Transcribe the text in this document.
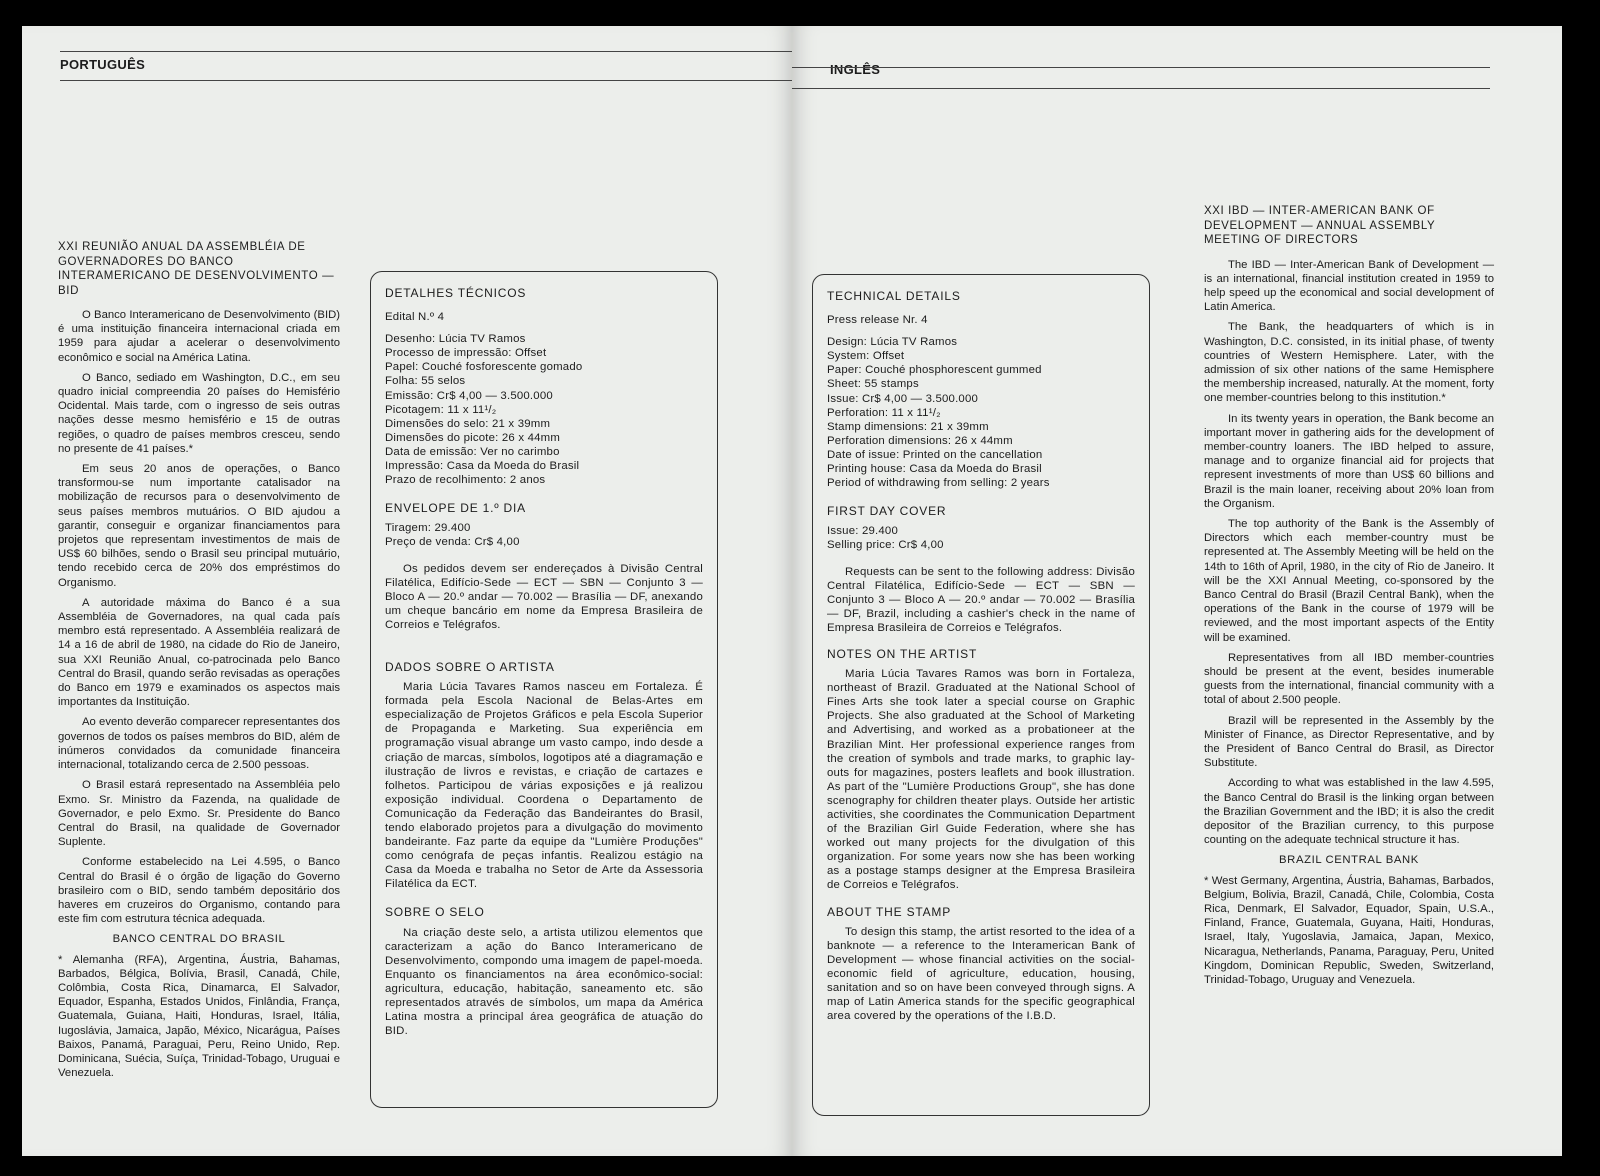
PORTUGUÊS
XXI REUNIÃO ANUAL DA ASSEMBLÉIA DE GOVERNADORES DO BANCO INTERAMERICANO DE DESENVOLVIMENTO — BID

O Banco Interamericano de Desenvolvimento (BID) é uma instituição financeira internacional criada em 1959 para ajudar a acelerar o desenvolvimento econômico e social na América Latina.

O Banco, sediado em Washington, D.C., em seu quadro inicial compreendia 20 países do Hemisfério Ocidental. Mais tarde, com o ingresso de seis outras nações desse mesmo hemisfério e 15 de outras regiões, o quadro de países membros cresceu, sendo no presente de 41 países.*

Em seus 20 anos de operações, o Banco transformou-se num importante catalisador na mobilização de recursos para o desenvolvimento de seus países membros mutuários. O BID ajudou a garantir, conseguir e organizar financiamentos para projetos que representam investimentos de mais de US$ 60 bilhões, sendo o Brasil seu principal mutuário, tendo recebido cerca de 20% dos empréstimos do Organismo.

A autoridade máxima do Banco é a sua Assembléia de Governadores, na qual cada país membro está representado. A Assembléia realizará de 14 a 16 de abril de 1980, na cidade do Rio de Janeiro, sua XXI Reunião Anual, co-patrocinada pelo Banco Central do Brasil, quando serão revisadas as operações do Banco em 1979 e examinados os aspectos mais importantes da Instituição.

Ao evento deverão comparecer representantes dos governos de todos os países membros do BID, além de inúmeros convidados da comunidade financeira internacional, totalizando cerca de 2.500 pessoas.

O Brasil estará representado na Assembléia pelo Exmo. Sr. Ministro da Fazenda, na qualidade de Governador, e pelo Exmo. Sr. Presidente do Banco Central do Brasil, na qualidade de Governador Suplente.

Conforme estabelecido na Lei 4.595, o Banco Central do Brasil é o órgão de ligação do Governo brasileiro com o BID, sendo também depositário dos haveres em cruzeiros do Organismo, contando para este fim com estrutura técnica adequada.

BANCO CENTRAL DO BRASIL

* Alemanha (RFA), Argentina, Áustria, Bahamas, Barbados, Bélgica, Bolívia, Brasil, Canadá, Chile, Colômbia, Costa Rica, Dinamarca, El Salvador, Equador, Espanha, Estados Unidos, Finlândia, França, Guatemala, Guiana, Haiti, Honduras, Israel, Itália, Iugoslávia, Jamaica, Japão, México, Nicarágua, Países Baixos, Panamá, Paraguai, Peru, Reino Unido, Rep. Dominicana, Suécia, Suíça, Trinidad-Tobago, Uruguai e Venezuela.

DETALHES TÉCNICOS
Edital N.º 4
Desenho: Lúcia TV Ramos
Processo de impressão: Offset
Papel: Couché fosforescente gomado
Folha: 55 selos
Emissão: Cr$ 4,00 — 3.500.000
Picotagem: 11 x 11¹/₂
Dimensões do selo: 21 x 39mm
Dimensões do picote: 26 x 44mm
Data de emissão: Ver no carimbo
Impressão: Casa da Moeda do Brasil
Prazo de recolhimento: 2 anos
ENVELOPE DE 1.º DIA
Tiragem: 29.400
Preço de venda: Cr$ 4,00

Os pedidos devem ser endereçados à Divisão Central Filatélica, Edifício-Sede — ECT — SBN — Conjunto 3 — Bloco A — 20.º andar — 70.002 — Brasília — DF, anexando um cheque bancário em nome da Empresa Brasileira de Correios e Telégrafos.

DADOS SOBRE O ARTISTA

Maria Lúcia Tavares Ramos nasceu em Fortaleza. É formada pela Escola Nacional de Belas-Artes em especialização de Projetos Gráficos e pela Escola Superior de Propaganda e Marketing. Sua experiência em programação visual abrange um vasto campo, indo desde a criação de marcas, símbolos, logotipos até a diagramação e ilustração de livros e revistas, e criação de cartazes e folhetos. Participou de várias exposições e já realizou exposição individual. Coordena o Departamento de Comunicação da Federação das Bandeirantes do Brasil, tendo elaborado projetos para a divulgação do movimento bandeirante. Faz parte da equipe da "Lumière Produções" como cenógrafa de peças infantis. Realizou estágio na Casa da Moeda e trabalha no Setor de Arte da Assessoria Filatélica da ECT.

SOBRE O SELO

Na criação deste selo, a artista utilizou elementos que caracterizam a ação do Banco Interamericano de Desenvolvimento, compondo uma imagem de papel-moeda. Enquanto os financiamentos na área econômico-social: agricultura, educação, habitação, saneamento etc. são representados através de símbolos, um mapa da América Latina mostra a principal área geográfica de atuação do BID.

INGLÊS
TECHNICAL DETAILS
Press release Nr. 4
Design: Lúcia TV Ramos
System: Offset
Paper: Couché phosphorescent gummed
Sheet: 55 stamps
Issue: Cr$ 4,00 — 3.500.000
Perforation: 11 x 11¹/₂
Stamp dimensions: 21 x 39mm
Perforation dimensions: 26 x 44mm
Date of issue: Printed on the cancellation
Printing house: Casa da Moeda do Brasil
Period of withdrawing from selling: 2 years
FIRST DAY COVER
Issue: 29.400
Selling price: Cr$ 4,00

Requests can be sent to the following address: Divisão Central Filatélica, Edifício-Sede — ECT — SBN — Conjunto 3 — Bloco A — 20.º andar — 70.002 — Brasília — DF, Brazil, including a cashier's check in the name of Empresa Brasileira de Correios e Telégrafos.

NOTES ON THE ARTIST

Maria Lúcia Tavares Ramos was born in Fortaleza, northeast of Brazil. Graduated at the National School of Fines Arts she took later a special course on Graphic Projects. She also graduated at the School of Marketing and Advertising, and worked as a probationeer at the Brazilian Mint. Her professional experience ranges from the creation of symbols and trade marks, to graphic lay-outs for magazines, posters leaflets and book illustration. As part of the "Lumière Productions Group", she has done scenography for children theater plays. Outside her artistic activities, she coordinates the Communication Department of the Brazilian Girl Guide Federation, where she has worked out many projects for the divulgation of this organization. For some years now she has been working as a postage stamps designer at the Empresa Brasileira de Correios e Telégrafos.

ABOUT THE STAMP

To design this stamp, the artist resorted to the idea of a banknote — a reference to the Interamerican Bank of Development — whose financial activities on the social-economic field of agriculture, education, housing, sanitation and so on have been conveyed through signs. A map of Latin America stands for the specific geographical area covered by the operations of the I.B.D.

XXI IBD — INTER-AMERICAN BANK OF DEVELOPMENT — ANNUAL ASSEMBLY MEETING OF DIRECTORS

The IBD — Inter-American Bank of Development — is an international, financial institution created in 1959 to help speed up the economical and social development of Latin America.

The Bank, the headquarters of which is in Washington, D.C. consisted, in its initial phase, of twenty countries of Western Hemisphere. Later, with the admission of six other nations of the same Hemisphere the membership increased, naturally. At the moment, forty one member-countries belong to this institution.*

In its twenty years in operation, the Bank become an important mover in gathering aids for the development of member-country loaners. The IBD helped to assure, manage and to organize financial aid for projects that represent investments of more than US$ 60 billions and Brazil is the main loaner, receiving about 20% loan from the Organism.

The top authority of the Bank is the Assembly of Directors which each member-country must be represented at. The Assembly Meeting will be held on the 14th to 16th of April, 1980, in the city of Rio de Janeiro. It will be the XXI Annual Meeting, co-sponsored by the Banco Central do Brasil (Brazil Central Bank), when the operations of the Bank in the course of 1979 will be reviewed, and the most important aspects of the Entity will be examined.

Representatives from all IBD member-countries should be present at the event, besides inumerable guests from the international, financial community with a total of about 2.500 people.

Brazil will be represented in the Assembly by the Minister of Finance, as Director Representative, and by the President of Banco Central do Brasil, as Director Substitute.

According to what was established in the law 4.595, the Banco Central do Brasil is the linking organ between the Brazilian Government and the IBD; it is also the credit depositor of the Brazilian currency, to this purpose counting on the adequate technical structure it has.

BRAZIL CENTRAL BANK

* West Germany, Argentina, Áustria, Bahamas, Barbados, Belgium, Bolivia, Brazil, Canadá, Chile, Colombia, Costa Rica, Denmark, El Salvador, Equador, Spain, U.S.A., Finland, France, Guatemala, Guyana, Haiti, Honduras, Israel, Italy, Yugoslavia, Jamaica, Japan, Mexico, Nicaragua, Netherlands, Panama, Paraguay, Peru, United Kingdom, Dominican Republic, Sweden, Switzerland, Trinidad-Tobago, Uruguay and Venezuela.
